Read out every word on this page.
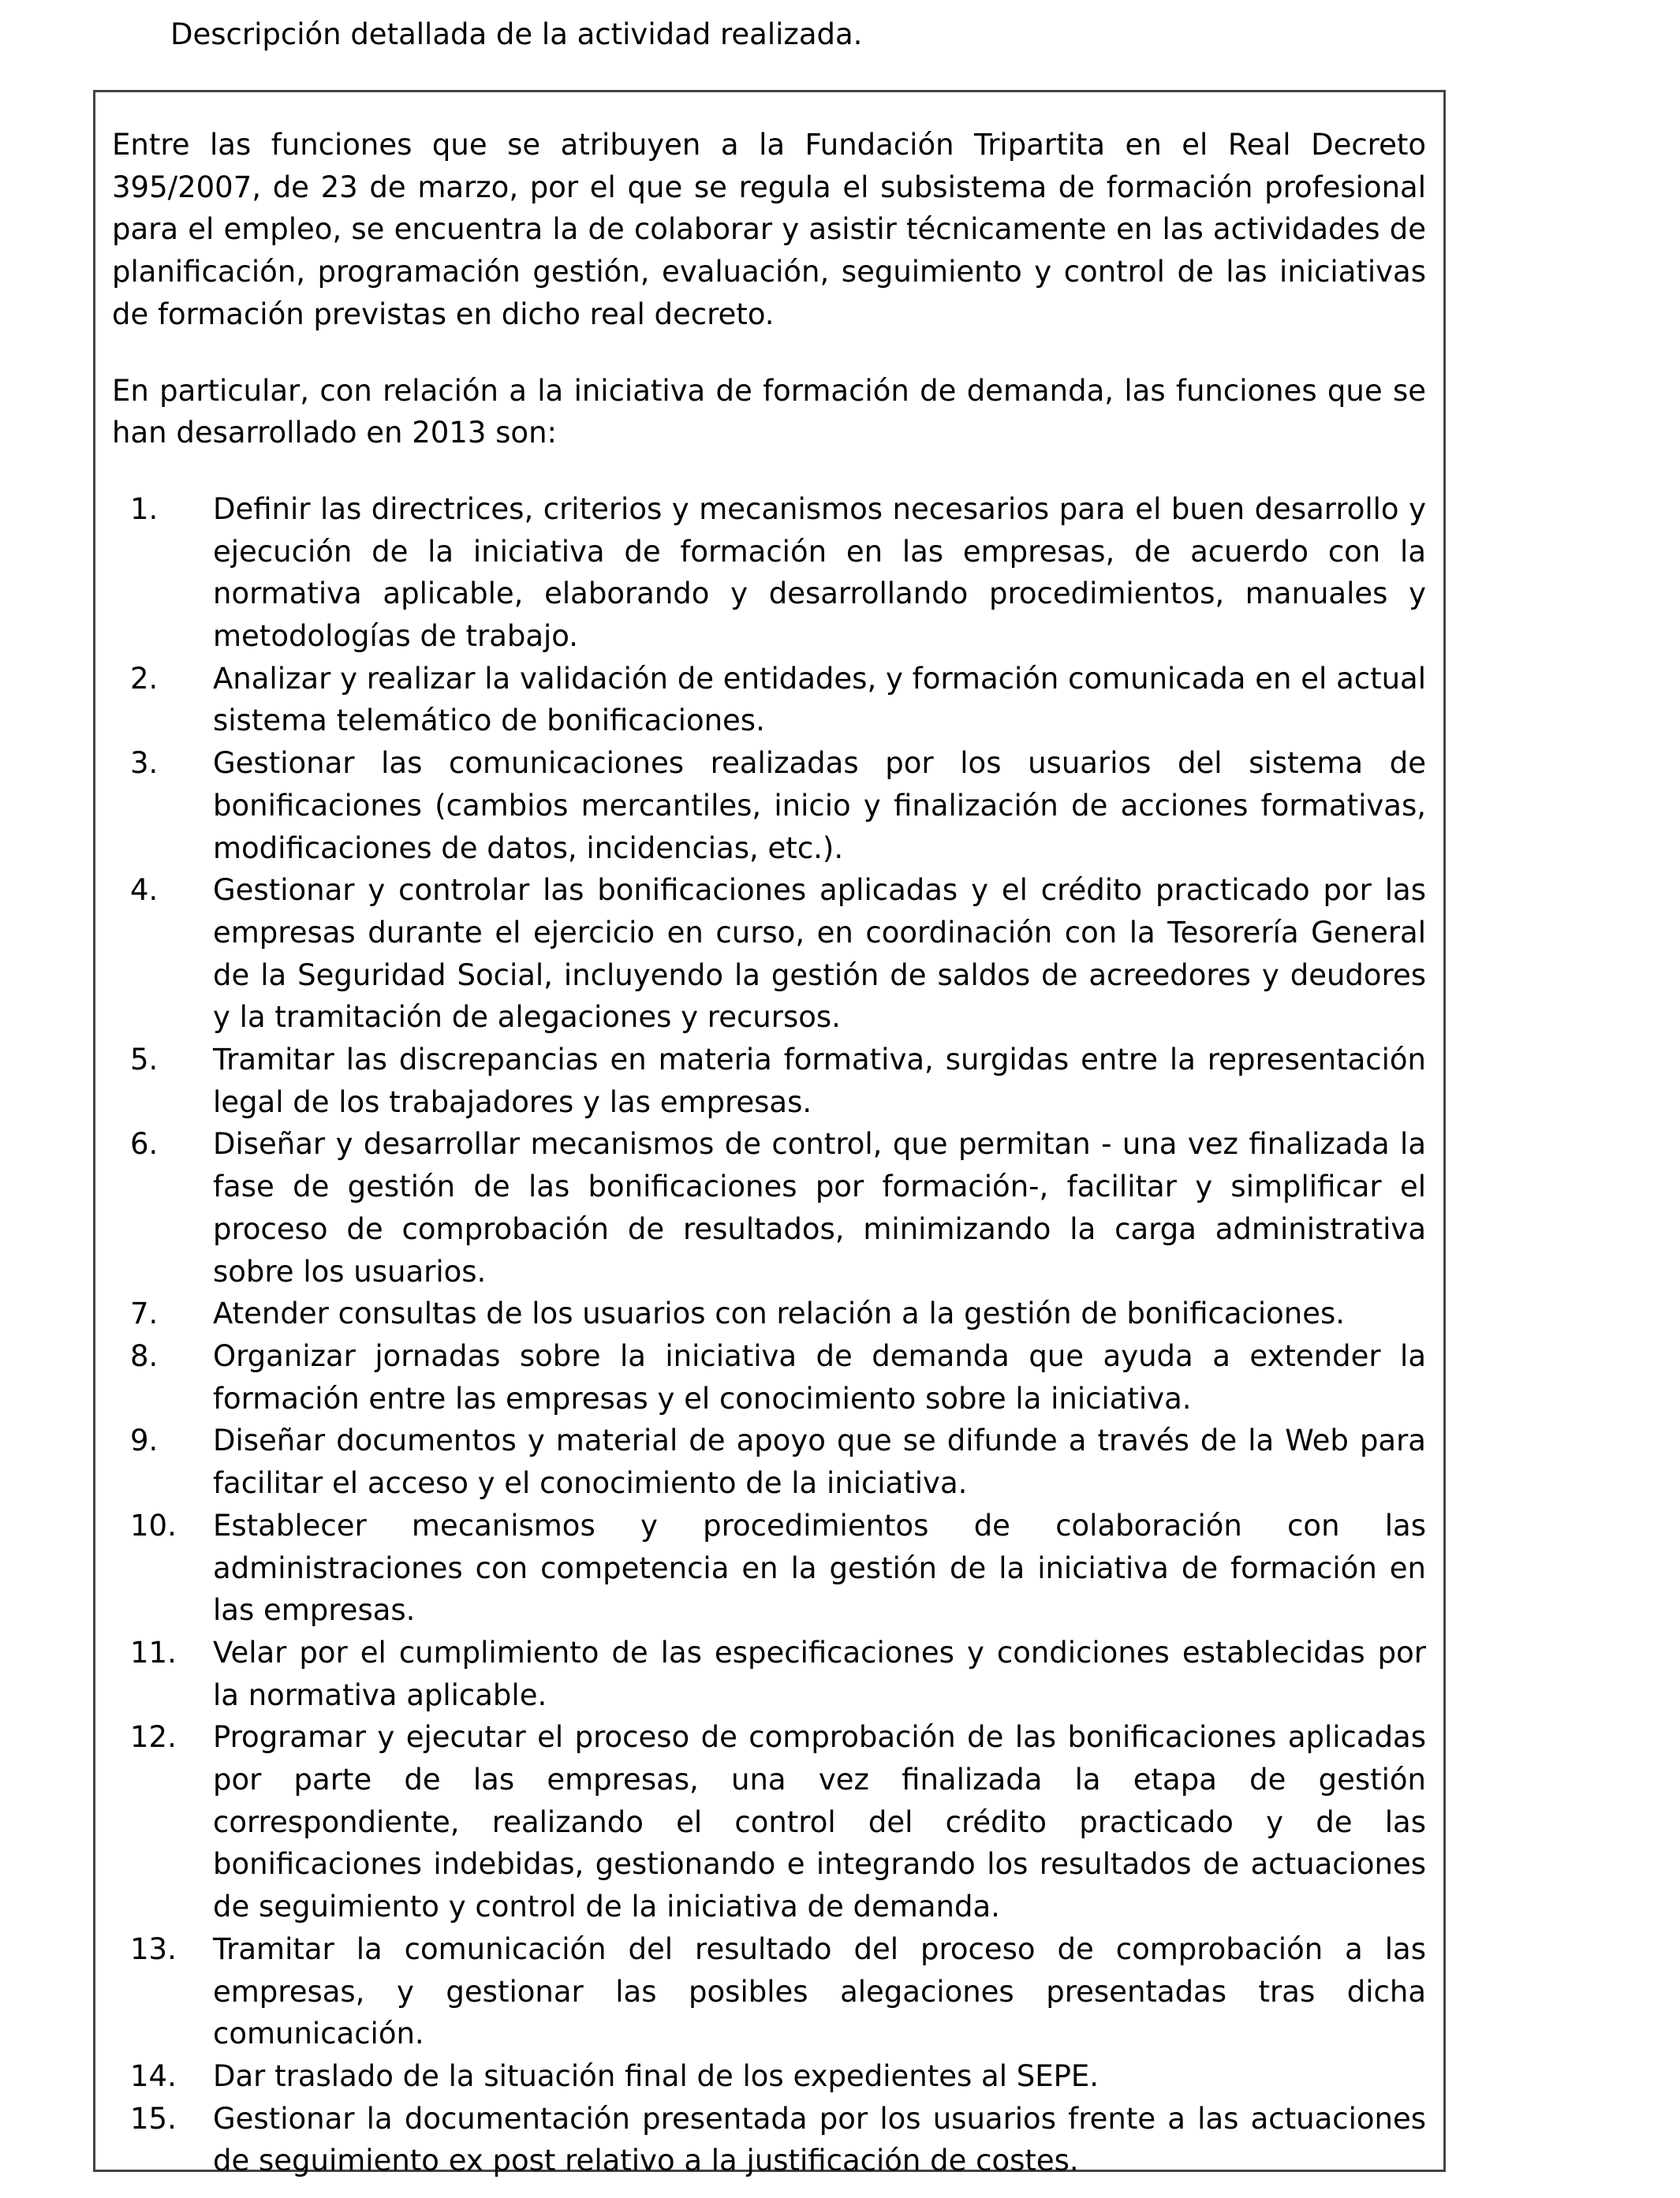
Descripción detallada de la actividad realizada.

Entre las funciones que se atribuyen a la Fundación Tripartita en el Real Decreto 395/2007, de 23 de marzo, por el que se regula el subsistema de formación profesional para el empleo, se encuentra la de colaborar y asistir técnicamente en las actividades de planificación, programación gestión, evaluación, seguimiento y control de las iniciativas de formación previstas en dicho real decreto.

En particular, con relación a la iniciativa de formación de demanda, las funciones que se han desarrollado en 2013 son:

1. Definir las directrices, criterios y mecanismos necesarios para el buen desarrollo y ejecución de la iniciativa de formación en las empresas, de acuerdo con la normativa aplicable, elaborando y desarrollando procedimientos, manuales y metodologías de trabajo.
2. Analizar y realizar la validación de entidades, y formación comunicada en el actual sistema telemático de bonificaciones.
3. Gestionar las comunicaciones realizadas por los usuarios del sistema de bonificaciones (cambios mercantiles, inicio y finalización de acciones formativas, modificaciones de datos, incidencias, etc.).
4. Gestionar y controlar las bonificaciones aplicadas y el crédito practicado por las empresas durante el ejercicio en curso, en coordinación con la Tesorería General de la Seguridad Social, incluyendo la gestión de saldos de acreedores y deudores y la tramitación de alegaciones y recursos.
5. Tramitar las discrepancias en materia formativa, surgidas entre la representación legal de los trabajadores y las empresas.
6. Diseñar y desarrollar mecanismos de control, que permitan - una vez finalizada la fase de gestión de las bonificaciones por formación-, facilitar y simplificar el proceso de comprobación de resultados, minimizando la carga administrativa sobre los usuarios.
7. Atender consultas de los usuarios con relación a la gestión de bonificaciones.
8. Organizar jornadas sobre la iniciativa de demanda que ayuda a extender la formación entre las empresas y el conocimiento sobre la iniciativa.
9. Diseñar documentos y material de apoyo que se difunde a través de la Web para facilitar el acceso y el conocimiento de la iniciativa.
10. Establecer mecanismos y procedimientos de colaboración con las administraciones con competencia en la gestión de la iniciativa de formación en las empresas.
11. Velar por el cumplimiento de las especificaciones y condiciones establecidas por la normativa aplicable.
12. Programar y ejecutar el proceso de comprobación de las bonificaciones aplicadas por parte de las empresas, una vez finalizada la etapa de gestión correspondiente, realizando el control del crédito practicado y de las bonificaciones indebidas, gestionando e integrando los resultados de actuaciones de seguimiento y control de la iniciativa de demanda.
13. Tramitar la comunicación del resultado del proceso de comprobación a las empresas, y gestionar las posibles alegaciones presentadas tras dicha comunicación.
14. Dar traslado de la situación final de los expedientes al SEPE.
15. Gestionar la documentación presentada por los usuarios frente a las actuaciones de seguimiento ex post relativo a la justificación de costes.
